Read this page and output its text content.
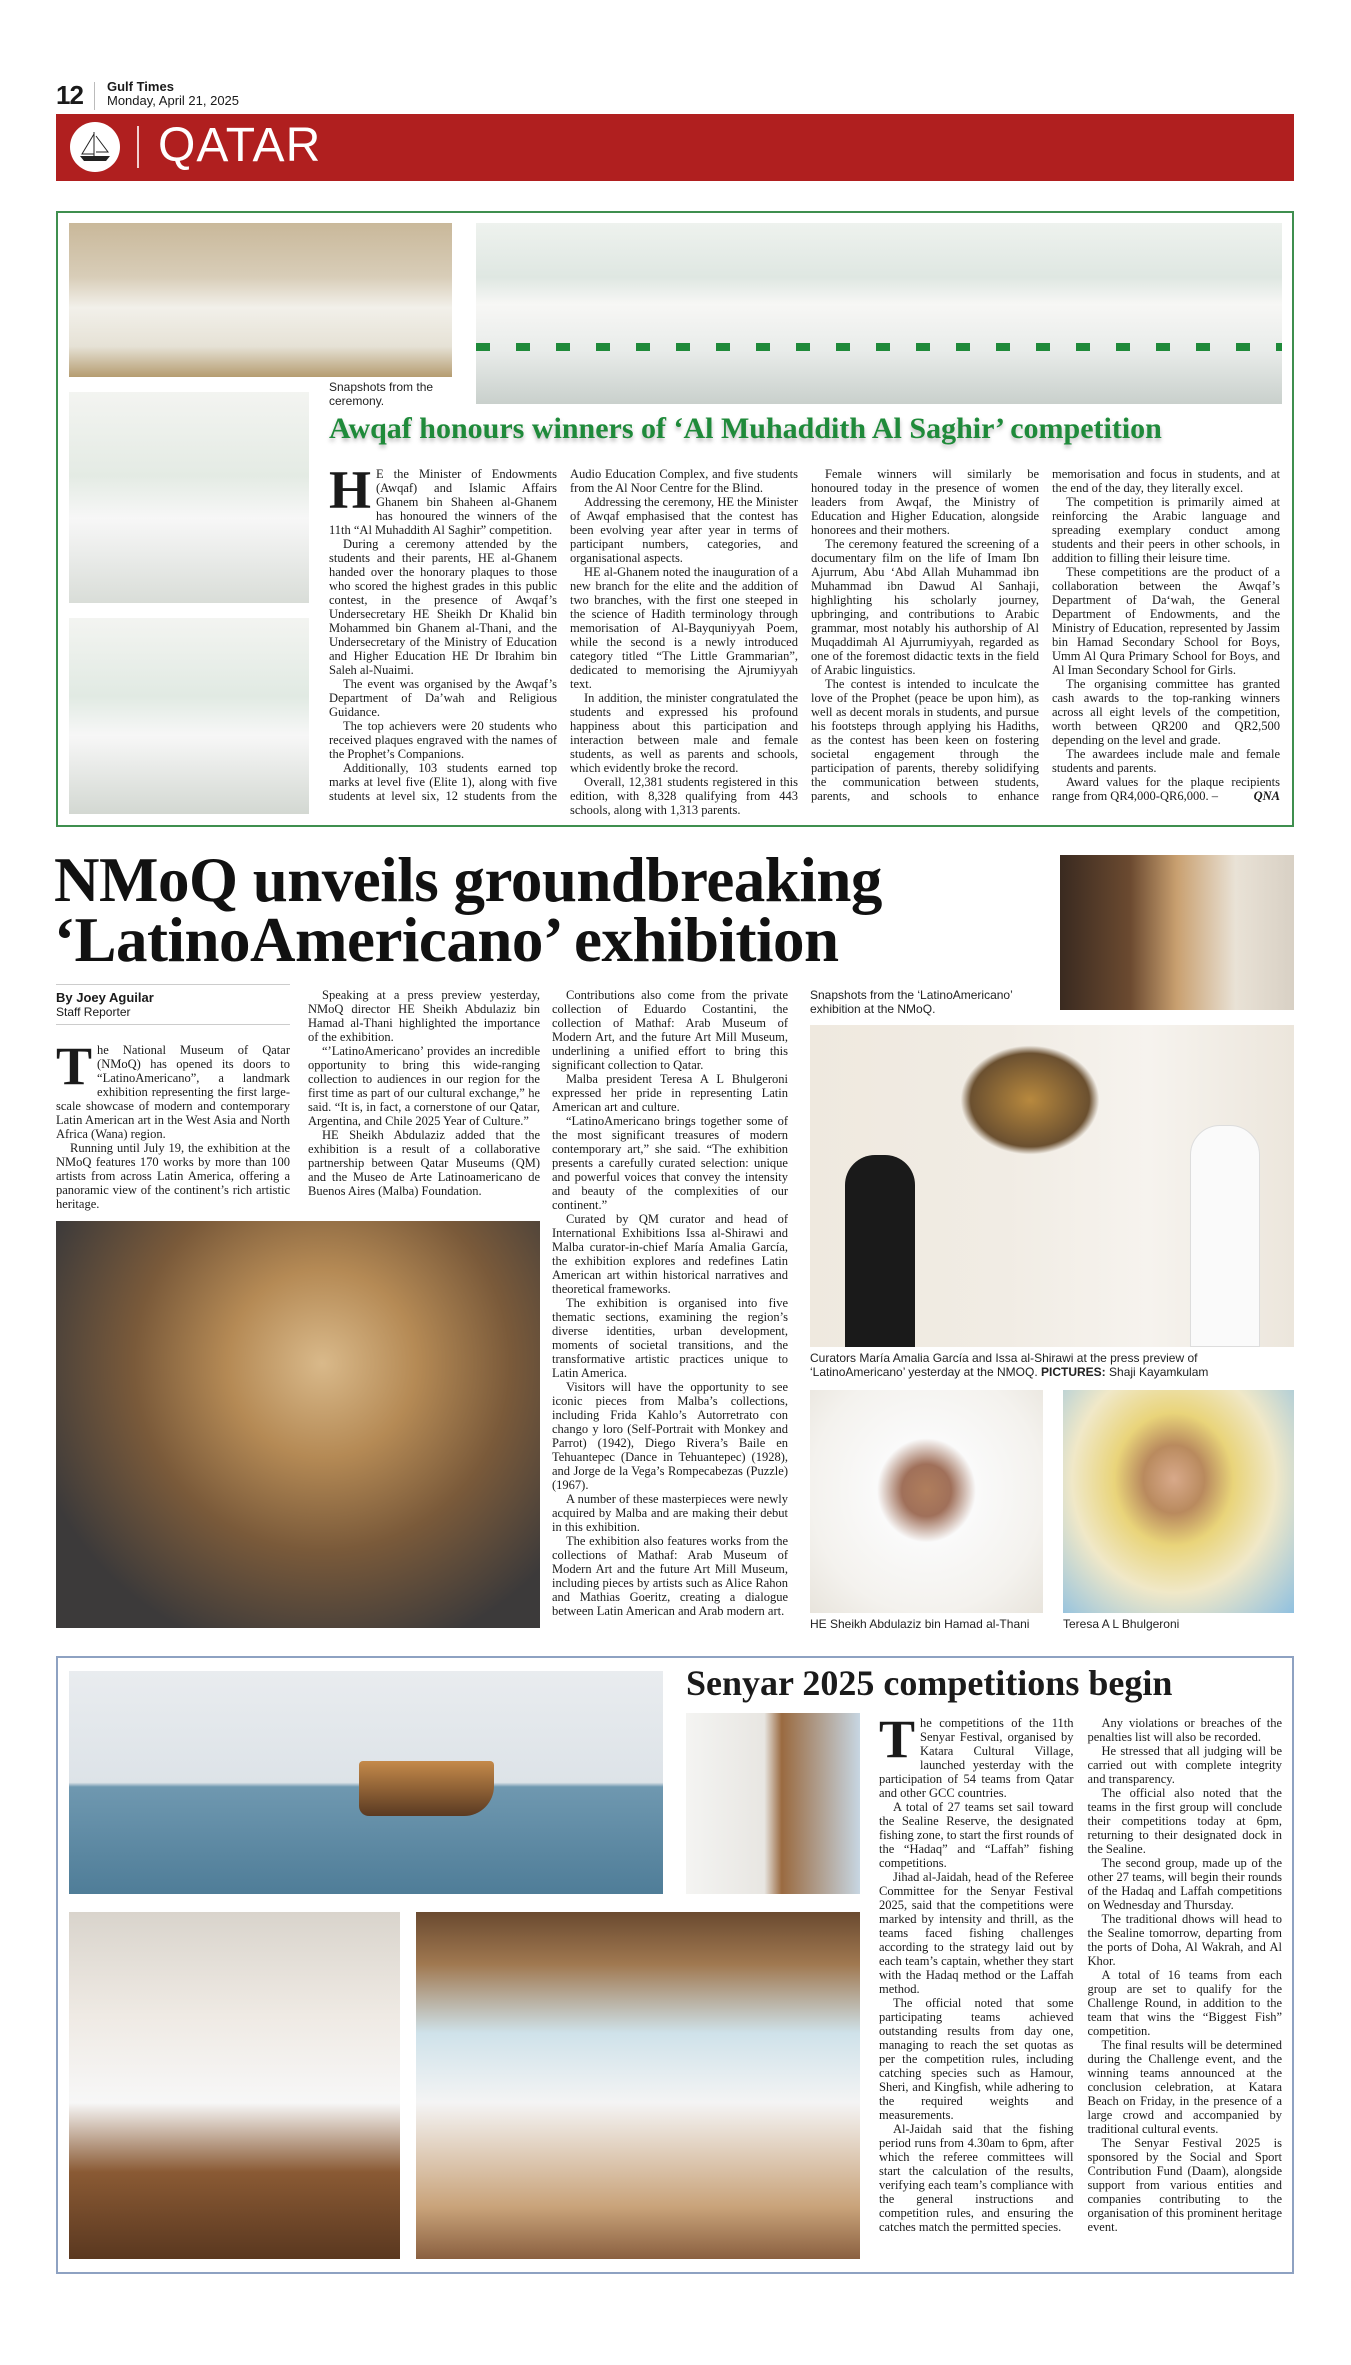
12 Gulf Times
Monday, April 21, 2025
QATAR
Snapshots from the ceremony.
Awqaf honours winners of ‘Al Muhaddith Al Saghir’ competition

HE the Minister of Endowments (Awqaf) and Islamic Affairs Ghanem bin Shaheen al-Ghanem has honoured the winners of the 11th “Al Muhaddith Al Saghir” competition.

During a ceremony attended by the students and their parents, HE al-Ghanem handed over the honorary plaques to those who scored the highest grades in this public contest, in the presence of Awqaf’s Undersecretary HE Sheikh Dr Khalid bin Mohammed bin Ghanem al-Thani, and the Undersecretary of the Ministry of Education and Higher Education HE Dr Ibrahim bin Saleh al-Nuaimi.

The event was organised by the Awqaf’s Department of Da’wah and Religious Guidance.

The top achievers were 20 students who received plaques engraved with the names of the Prophet’s Companions.

Additionally, 103 students earned top marks at level five (Elite 1), along with five students at level six, 12 students from the Audio Education Complex, and five students from the Al Noor Centre for the Blind.

Addressing the ceremony, HE the Minister of Awqaf emphasised that the contest has been evolving year after year in terms of participant numbers, categories, and organisational aspects.

HE al-Ghanem noted the inauguration of a new branch for the elite and the addition of two branches, with the first one steeped in the science of Hadith terminology through memorisation of Al-Bayquniyyah Poem, while the second is a newly introduced category titled “The Little Grammarian”, dedicated to memorising the Ajrumiyyah text.

In addition, the minister congratulated the students and expressed his profound happiness about this participation and interaction between male and female students, as well as parents and schools, which evidently broke the record.

Overall, 12,381 students registered in this edition, with 8,328 qualifying from 443 schools, along with 1,313 parents.

Female winners will similarly be honoured today in the presence of women leaders from Awqaf, the Ministry of Education and Higher Education, alongside honorees and their mothers.

The ceremony featured the screening of a documentary film on the life of Imam Ibn Ajurrum, Abu ‘Abd Allah Muhammad ibn Muhammad ibn Dawud Al Sanhaji, highlighting his scholarly journey, upbringing, and contributions to Arabic grammar, most notably his authorship of Al Muqaddimah Al Ajurrumiyyah, regarded as one of the foremost didactic texts in the field of Arabic linguistics.

The contest is intended to inculcate the love of the Prophet (peace be upon him), as well as decent morals in students, and pursue his footsteps through applying his Hadiths, as the contest has been keen on fostering societal engagement through the participation of parents, thereby solidifying the communication between students, parents, and schools to enhance memorisation and focus in students, and at the end of the day, they literally excel.

The competition is primarily aimed at reinforcing the Arabic language and spreading exemplary conduct among students and their peers in other schools, in addition to filling their leisure time.

These competitions are the product of a collaboration between the Awqaf’s Department of Da‘wah, the General Department of Endowments, and the Ministry of Education, represented by Jassim bin Hamad Secondary School for Boys, Umm Al Qura Primary School for Boys, and Al Iman Secondary School for Girls.

The organising committee has granted cash awards to the top-ranking winners across all eight levels of the competition, worth between QR200 and QR2,500 depending on the level and grade.

The awardees include male and female students and parents.

Award values for the plaque recipients range from QR4,000-QR6,000. –	QNA
NMoQ unveils groundbreaking
‘LatinoAmericano’ exhibition
By Joey Aguilar
Staff Reporter

The National Museum of Qatar (NMoQ) has opened its doors to “LatinoAmericano”, a landmark exhibition representing the first large-scale showcase of modern and contemporary Latin American art in the West Asia and North Africa (Wana) region.

Running until July 19, the exhibition at the NMoQ features 170 works by more than 100 artists from across Latin America, offering a panoramic view of the continent’s rich artistic heritage.

Speaking at a press preview yesterday, NMoQ director HE Sheikh Abdulaziz bin Hamad al-Thani highlighted the importance of the exhibition.

“’LatinoAmericano’ provides an incredible opportunity to bring this wide-ranging collection to audiences in our region for the first time as part of our cultural exchange,” he said. “It is, in fact, a cornerstone of our Qatar, Argentina, and Chile 2025 Year of Culture.”

HE Sheikh Abdulaziz added that the exhibition is a result of a collaborative partnership between Qatar Museums (QM) and the Museo de Arte Latinoamericano de Buenos Aires (Malba) Foundation.

Contributions also come from the private collection of Eduardo Costantini, the collection of Mathaf: Arab Museum of Modern Art, and the future Art Mill Museum, underlining a unified effort to bring this significant collection to Qatar.

Malba president Teresa A L Bhulgeroni expressed her pride in representing Latin American art and culture.

“LatinoAmericano brings together some of the most significant treasures of modern contemporary art,” she said. “The exhibition presents a carefully curated selection: unique and powerful voices that convey the intensity and beauty of the complexities of our continent.”

Curated by QM curator and head of International Exhibitions Issa al-Shirawi and Malba curator-in-chief María Amalia García, the exhibition explores and redefines Latin American art within historical narratives and theoretical frameworks.

The exhibition is organised into five thematic sections, examining the region’s diverse identities, urban development, moments of societal transitions, and the transformative artistic practices unique to Latin America.

Visitors will have the opportunity to see iconic pieces from Malba’s collections, including Frida Kahlo’s Autorretrato con chango y loro (Self-Portrait with Monkey and Parrot) (1942), Diego Rivera’s Baile en Tehuantepec (Dance in Tehuantepec) (1928), and Jorge de la Vega’s Rompecabezas (Puzzle) (1967).

A number of these masterpieces were newly acquired by Malba and are making their debut in this exhibition.

The exhibition also features works from the collections of Mathaf: Arab Museum of Modern Art and the future Art Mill Museum, including pieces by artists such as Alice Rahon and Mathias Goeritz, creating a dialogue between Latin American and Arab modern art.

Snapshots from the ‘LatinoAmericano’ exhibition at the NMoQ.
Curators María Amalia García and Issa al-Shirawi at the press preview of ‘LatinoAmericano’ yesterday at the NMOQ. PICTURES: Shaji Kayamkulam
HE Sheikh Abdulaziz bin Hamad al-Thani	Teresa A L Bhulgeroni
Senyar 2025 competitions begin

The competitions of the 11th Senyar Festival, organised by Katara Cultural Village, launched yesterday with the participation of 54 teams from Qatar and other GCC countries.

A total of 27 teams set sail toward the Sealine Reserve, the designated fishing zone, to start the first rounds of the “Hadaq” and “Laffah” fishing competitions.

Jihad al-Jaidah, head of the Referee Committee for the Senyar Festival 2025, said that the competitions were marked by intensity and thrill, as the teams faced fishing challenges according to the strategy laid out by each team’s captain, whether they start with the Hadaq method or the Laffah method.

The official noted that some participating teams achieved outstanding results from day one, managing to reach the set quotas as per the competition rules, including catching species such as Hamour, Sheri, and Kingfish, while adhering to the required weights and measurements.

Al-Jaidah said that the fishing period runs from 4.30am to 6pm, after which the referee committees will start the calculation of the results, verifying each team’s compliance with the general instructions and competition rules, and ensuring the catches match the permitted species.

Any violations or breaches of the penalties list will also be recorded.

He stressed that all judging will be carried out with complete integrity and transparency.

The official also noted that the teams in the first group will conclude their competitions today at 6pm, returning to their designated dock in the Sealine.

The second group, made up of the other 27 teams, will begin their rounds of the Hadaq and Laffah competitions on Wednesday and Thursday.

The traditional dhows will head to the Sealine tomorrow, departing from the ports of Doha, Al Wakrah, and Al Khor.

A total of 16 teams from each group are set to qualify for the Challenge Round, in addition to the team that wins the “Biggest Fish” competition.

The final results will be determined during the Challenge event, and the winning teams announced at the conclusion celebration, at Katara Beach on Friday, in the presence of a large crowd and accompanied by traditional cultural events.

The Senyar Festival 2025 is sponsored by the Social and Sport Contribution Fund (Daam), alongside support from various entities and companies contributing to the organisation of this prominent heritage event.
